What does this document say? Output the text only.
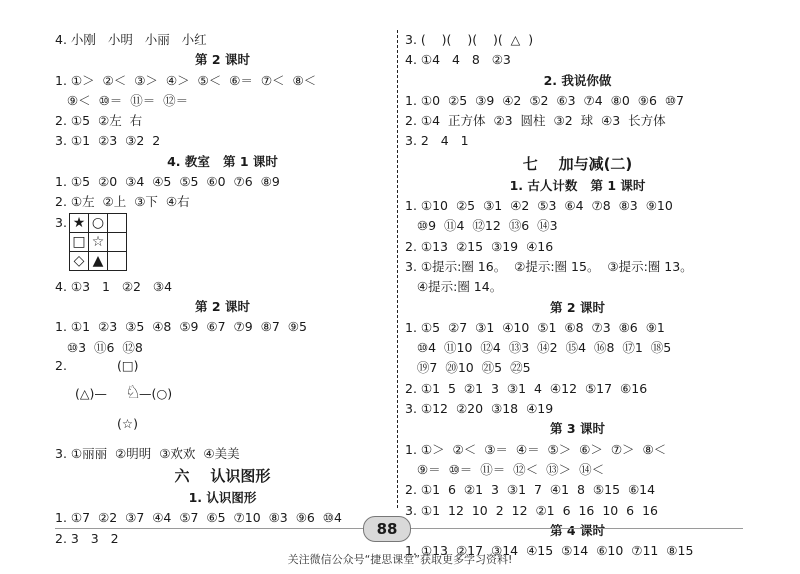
4. 小刚   小明   小丽   小红
第 2 课时
1. ①＞  ②＜  ③＞  ④＞  ⑤＜  ⑥＝  ⑦＜  ⑧＜
⑨＜  ⑩＝  ⑪＝  ⑫＝
2. ①5  ②左  右
3. ①1  ②3  ③2  2
4. 教室   第 1 课时
1. ①5  ②0  ③4  ④5  ⑤5  ⑥0  ⑦6  ⑧9
2. ①左  ②上  ③下  ④右
3. ★	○	
□	☆	
◇	▲	
4. ①3   1   ②2   ③4
第 2 课时
1. ①1  ②3  ③5  ④8  ⑤9  ⑥7  ⑦9  ⑧7  ⑨5
⑩3  ⑪6  ⑫8
2.	(□)
(△)— ♘
—(○)
(☆)
3. ①丽丽  ②明明  ③欢欢  ④美美
六    认识图形
1. 认识图形
1. ①7  ②2  ③7  ④4  ⑤7  ⑥5  ⑦10  ⑧3  ⑨6  ⑩4
2. 3   3   2
3. (    )(    )(    )(  △  )
4. ①4   4   8   ②3
2. 我说你做
1. ①0  ②5  ③9  ④2  ⑤2  ⑥3  ⑦4  ⑧0  ⑨6  ⑩7
2. ①4  正方体  ②3  圆柱  ③2  球  ④3  长方体
3. 2   4   1
七    加与减(二)
1. 古人计数   第 1 课时
1. ①10  ②5  ③1  ④2  ⑤3  ⑥4  ⑦8  ⑧3  ⑨10
⑩9  ⑪4  ⑫12  ⑬6  ⑭3
2. ①13  ②15  ③19  ④16
3. ①提示:圈 16。  ②提示:圈 15。  ③提示:圈 13。
④提示:圈 14。
第 2 课时
1. ①5  ②7  ③1  ④10  ⑤1  ⑥8  ⑦3  ⑧6  ⑨1
⑩4  ⑪10  ⑫4  ⑬3  ⑭2  ⑮4  ⑯8  ⑰1  ⑱5
⑲7  ⑳10  ㉑5  ㉒5
2. ①1  5  ②1  3  ③1  4  ④12  ⑤17  ⑥16
3. ①12  ②20  ③18  ④19
第 3 课时
1. ①＞  ②＜  ③＝  ④＝  ⑤＞  ⑥＞  ⑦＞  ⑧＜
⑨＝  ⑩＝  ⑪＝  ⑫＜  ⑬＞  ⑭＜
2. ①1  6  ②1  3  ③1  7  ④1  8  ⑤15  ⑥14
3. ①1  12  10  2  12  ②1  6  16  10  6  16
第 4 课时
1. ①13  ②17  ③14  ④15  ⑤14  ⑥10  ⑦11  ⑧15
88
关注微信公众号“捷思课堂”获取更多学习资料!
